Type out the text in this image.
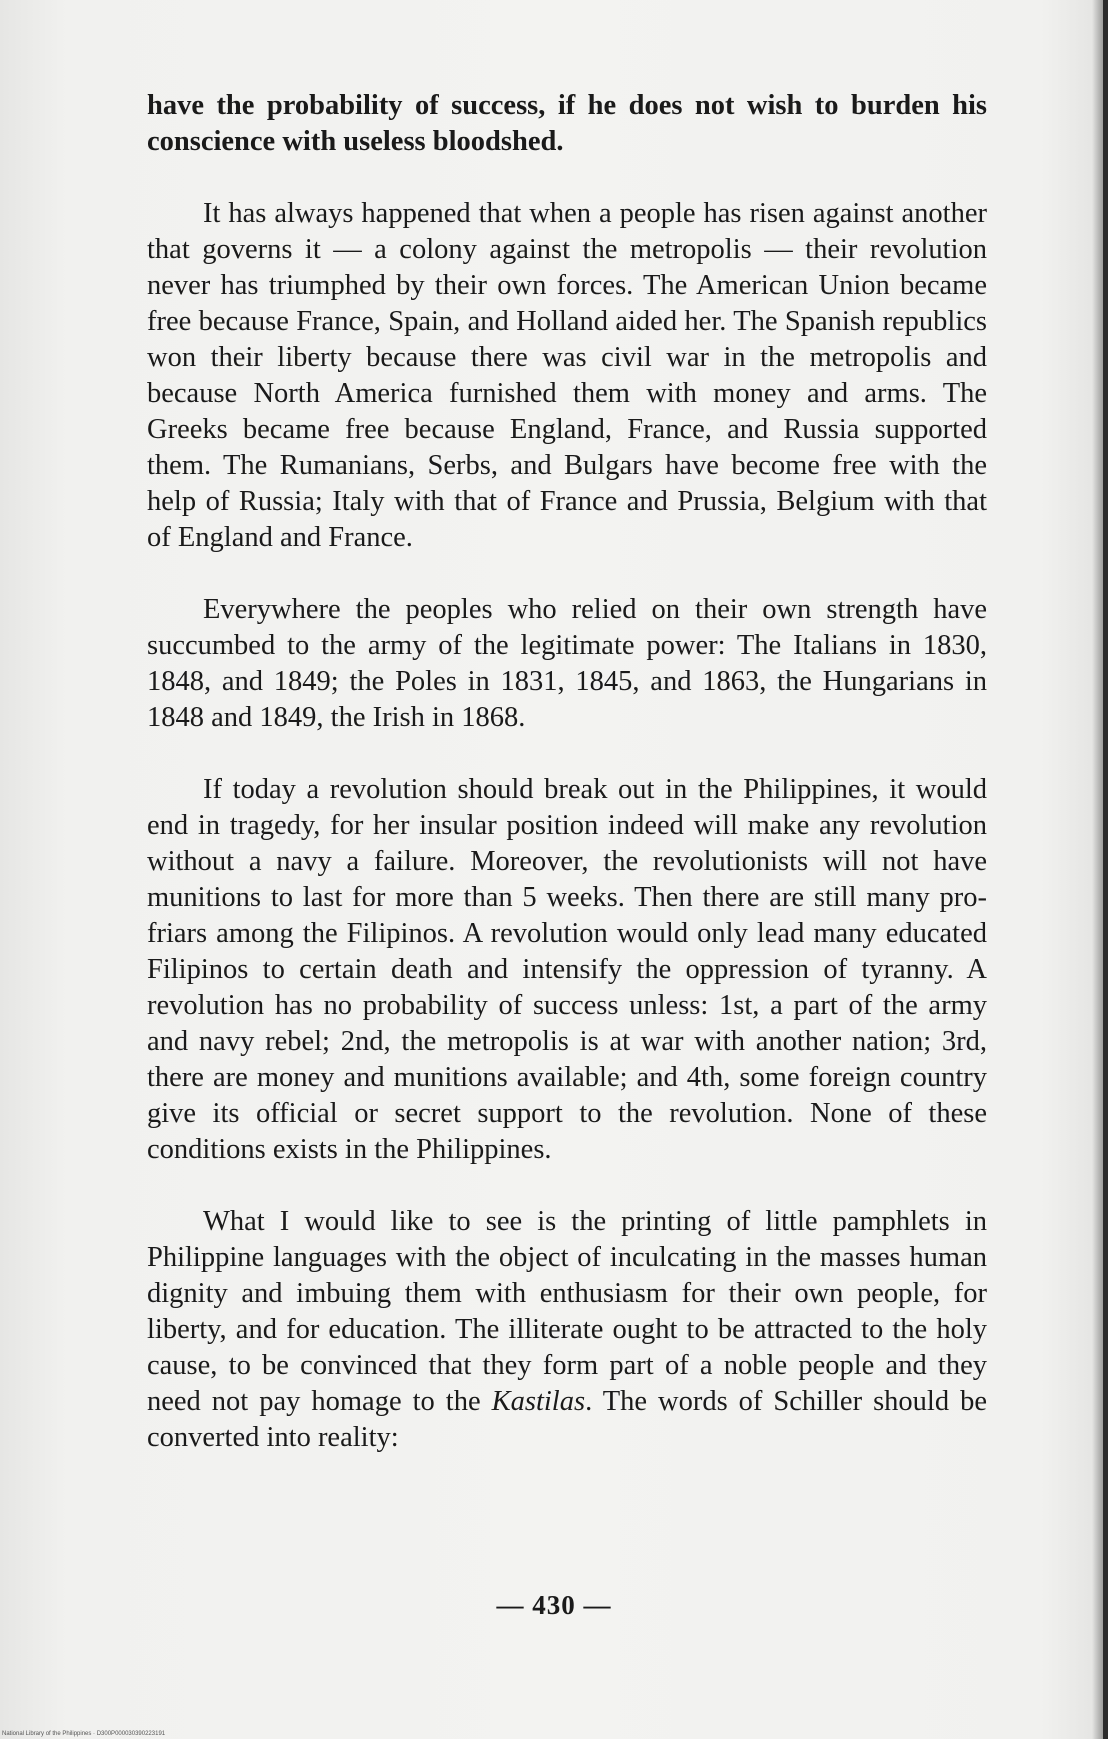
have the probability of success, if he does not wish to burden his conscience with useless bloodshed.

It has always happened that when a people has risen against another that governs it — a colony against the metropolis — their revolution never has triumphed by their own forces. The American Union became free because France, Spain, and Holland aided her. The Spanish republics won their liberty because there was civil war in the metropolis and because North America furnished them with money and arms. The Greeks became free because England, France, and Russia supported them. The Rumanians, Serbs, and Bulgars have become free with the help of Russia; Italy with that of France and Prussia, Belgium with that of England and France.

Everywhere the peoples who relied on their own strength have succumbed to the army of the legitimate power: The Italians in 1830, 1848, and 1849; the Poles in 1831, 1845, and 1863, the Hungarians in 1848 and 1849, the Irish in 1868.

If today a revolution should break out in the Philippines, it would end in tragedy, for her insular position indeed will make any revolution without a navy a failure. Moreover, the revolutionists will not have munitions to last for more than 5 weeks. Then there are still many pro-friars among the Filipinos. A revolution would only lead many educated Filipinos to certain death and intensify the oppression of tyranny. A revolution has no probability of success unless: 1st, a part of the army and navy rebel; 2nd, the metropolis is at war with another nation; 3rd, there are money and munitions available; and 4th, some foreign country give its official or secret support to the revolution. None of these conditions exists in the Philippines.

What I would like to see is the printing of little pamphlets in Philippine languages with the object of inculcating in the masses human dignity and imbuing them with enthusiasm for their own people, for liberty, and for education. The illiterate ought to be attracted to the holy cause, to be convinced that they form part of a noble people and they need not pay homage to the Kastilas. The words of Schiller should be converted into reality:

— 430 —
National Library of the Philippines · D300P000030390223191
